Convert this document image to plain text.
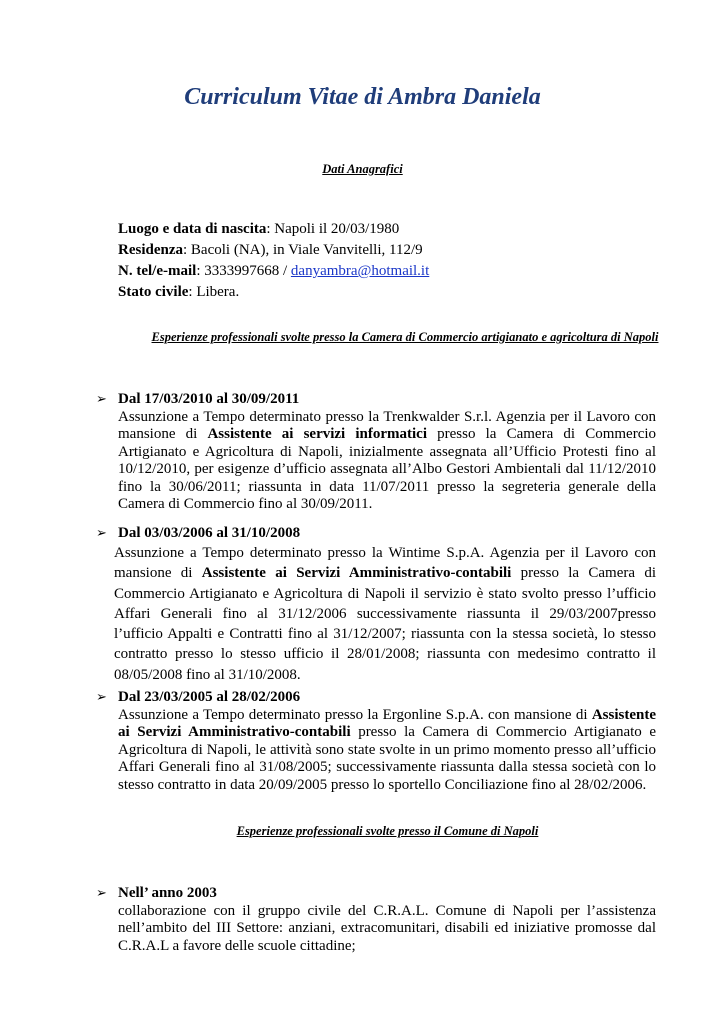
Curriculum Vitae di Ambra Daniela
Dati Anagrafici
Luogo e data di nascita: Napoli il 20/03/1980
Residenza: Bacoli (NA), in Viale Vanvitelli, 112/9
N. tel/e-mail: 3333997668 / danyambra@hotmail.it
Stato civile: Libera.
Esperienze professionali svolte presso la Camera di Commercio artigianato e agricoltura di Napoli
➢ Dal 17/03/2010 al 30/09/2011
Assunzione a Tempo determinato presso la Trenkwalder S.r.l. Agenzia per il Lavoro con mansione di Assistente ai servizi informatici presso la Camera di Commercio Artigianato e Agricoltura di Napoli, inizialmente assegnata all’Ufficio Protesti fino al 10/12/2010, per esigenze d’ufficio assegnata all’Albo Gestori Ambientali dal 11/12/2010 fino la 30/06/2011; riassunta in data 11/07/2011 presso la segreteria generale della Camera di Commercio fino al 30/09/2011.
➢ Dal 03/03/2006 al 31/10/2008
Assunzione a Tempo determinato presso la Wintime S.p.A. Agenzia per il Lavoro con mansione di Assistente ai Servizi Amministrativo-contabili presso la Camera di Commercio Artigianato e Agricoltura di Napoli il servizio è stato svolto presso l’ufficio Affari Generali fino al 31/12/2006 successivamente riassunta il 29/03/2007presso l’ufficio Appalti e Contratti fino al 31/12/2007; riassunta con la stessa società, lo stesso contratto presso lo stesso ufficio il 28/01/2008; riassunta con medesimo contratto il 08/05/2008 fino al 31/10/2008.
➢ Dal 23/03/2005 al 28/02/2006
Assunzione a Tempo determinato presso la Ergonline S.p.A. con mansione di Assistente ai Servizi Amministrativo-contabili presso la Camera di Commercio Artigianato e Agricoltura di Napoli, le attività sono state svolte in un primo momento presso all’ufficio Affari Generali fino al 31/08/2005; successivamente riassunta dalla stessa società con lo stesso contratto in data 20/09/2005 presso lo sportello Conciliazione fino al 28/02/2006.
Esperienze professionali svolte presso il Comune di Napoli
➢ Nell’ anno 2003
collaborazione con il gruppo civile del C.R.A.L. Comune di Napoli per l’assistenza nell’ambito del III Settore: anziani, extracomunitari, disabili ed iniziative promosse dal C.R.A.L a favore delle scuole cittadine;
